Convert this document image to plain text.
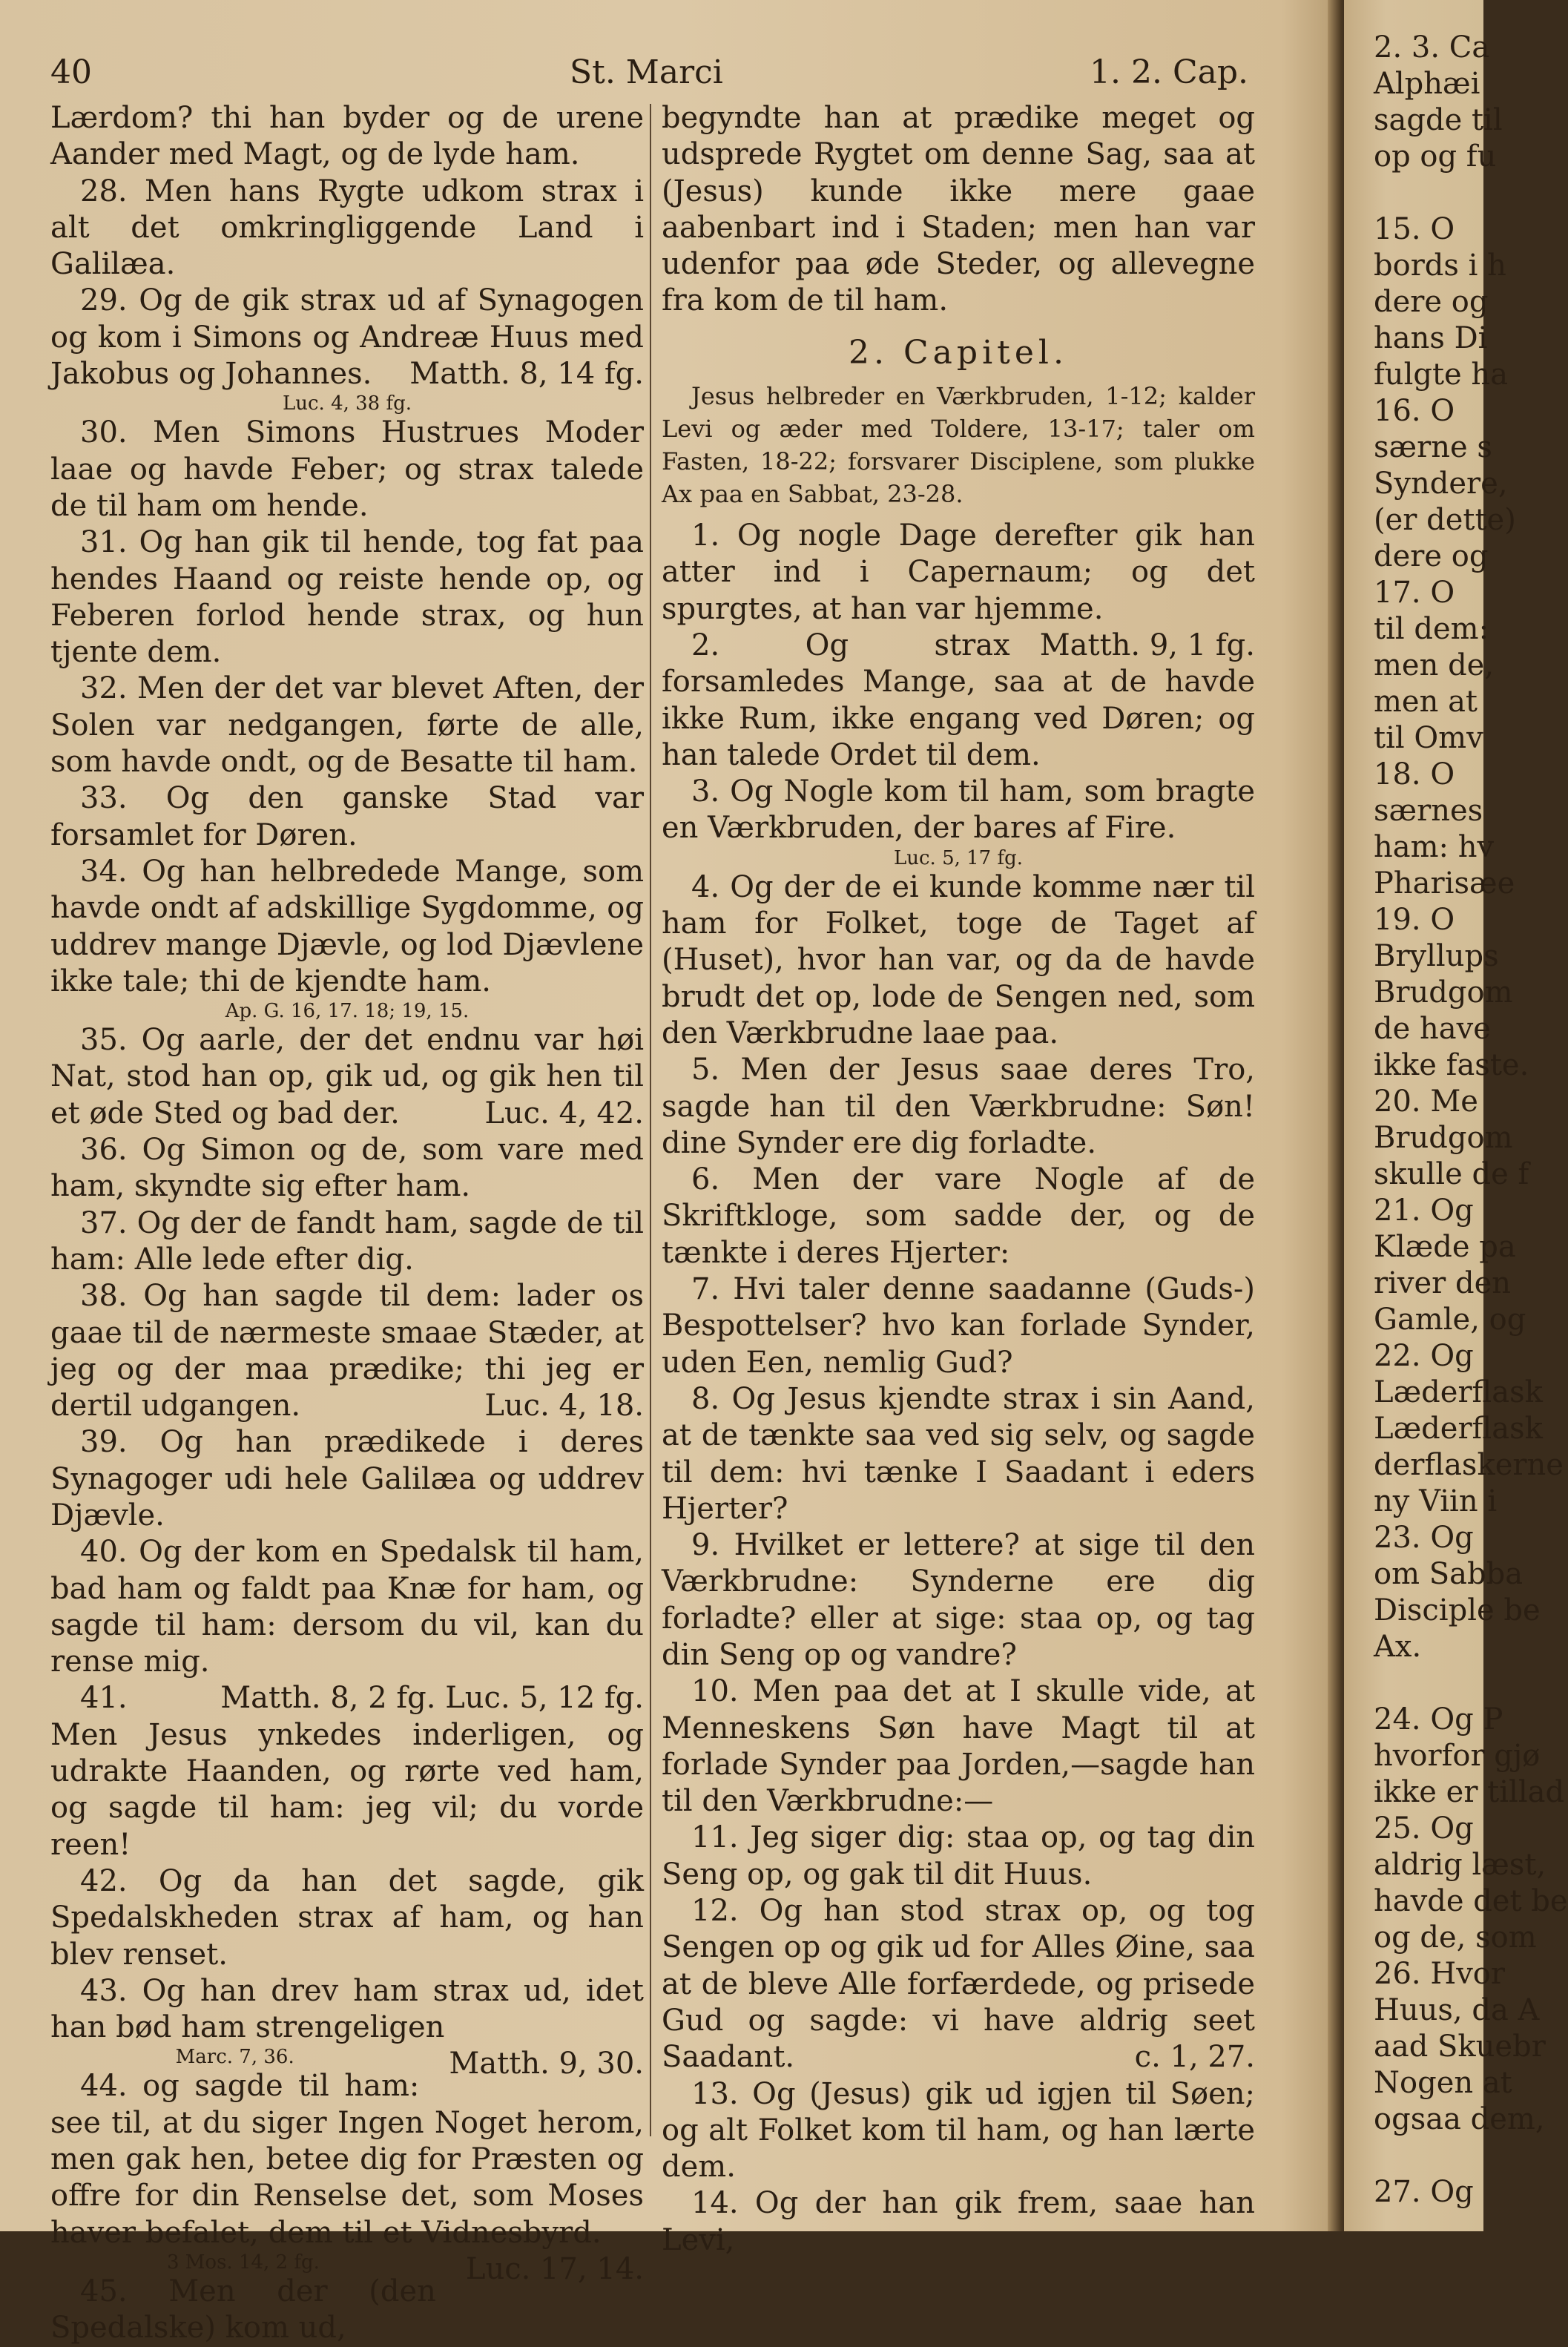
40	St. Marci	1. 2. Cap.

Lærdom? thi han byder og de urene Aander med Magt, og de lyde ham.

28. Men hans Rygte udkom strax i alt det omkringliggende Land i Galilæa.

29. Og de gik strax ud af Synagogen og kom i Simons og Andreæ Huus med Jakobus og Johannes.	Matth. 8, 14 fg.

Luc. 4, 38 fg.

30. Men Simons Hustrues Moder laae og havde Feber; og strax talede de til ham om hende.

31. Og han gik til hende, tog fat paa hendes Haand og reiste hende op, og Feberen forlod hende strax, og hun tjente dem.

32. Men der det var blevet Aften, der Solen var nedgangen, førte de alle, som havde ondt, og de Besatte til ham.

33. Og den ganske Stad var forsamlet for Døren.

34. Og han helbredede Mange, som havde ondt af adskillige Sygdomme, og uddrev mange Djævle, og lod Djævlene ikke tale; thi de kjendte ham.

Ap. G. 16, 17. 18; 19, 15.

35. Og aarle, der det endnu var høi Nat, stod han op, gik ud, og gik hen til et øde Sted og bad der.	Luc. 4, 42.

36. Og Simon og de, som vare med ham, skyndte sig efter ham.

37. Og der de fandt ham, sagde de til ham: Alle lede efter dig.

38. Og han sagde til dem: lader os gaae til de nærmeste smaae Stæder, at jeg og der maa prædike; thi jeg er dertil udgangen.	Luc. 4, 18.

39. Og han prædikede i deres Synagoger udi hele Galilæa og uddrev Djævle.

40. Og der kom en Spedalsk til ham, bad ham og faldt paa Knæ for ham, og sagde til ham: dersom du vil, kan du rense mig.
Matth. 8, 2 fg. Luc. 5, 12 fg.

41. Men Jesus ynkedes inderligen, og udrakte Haanden, og rørte ved ham, og sagde til ham: jeg vil; du vorde reen!

42. Og da han det sagde, gik Spedalskheden strax af ham, og han blev renset.

43. Og han drev ham strax ud, idet han bød ham strengeligen
Matth. 9, 30.

Marc. 7, 36.

44. og sagde til ham: see til, at du siger Ingen Noget herom, men gak hen, betee dig for Præsten og offre for din Renselse det, som Moses haver befalet, dem til et Vidnesbyrd.
Luc. 17, 14.

3 Mos. 14, 2 fg.

45. Men der (den Spedalske) kom ud,

begyndte han at prædike meget og udsprede Rygtet om denne Sag, saa at (Jesus) kunde ikke mere gaae aabenbart ind i Staden; men han var udenfor paa øde Steder, og allevegne fra kom de til ham.

2. Capitel.

Jesus helbreder en Værkbruden, 1-12; kalder Levi og æder med Toldere, 13-17; taler om Fasten, 18-22; forsvarer Disciplene, som plukke Ax paa en Sabbat, 23-28.

1. Og nogle Dage derefter gik han atter ind i Capernaum; og det spurgtes, at han var hjemme.
Matth. 9, 1 fg.

2. Og strax forsamledes Mange, saa at de havde ikke Rum, ikke engang ved Døren; og han talede Ordet til dem.

3. Og Nogle kom til ham, som bragte en Værkbruden, der bares af Fire.

Luc. 5, 17 fg.

4. Og der de ei kunde komme nær til ham for Folket, toge de Taget af (Huset), hvor han var, og da de havde brudt det op, lode de Sengen ned, som den Værkbrudne laae paa.

5. Men der Jesus saae deres Tro, sagde han til den Værkbrudne: Søn! dine Synder ere dig forladte.

6. Men der vare Nogle af de Skriftkloge, som sadde der, og de tænkte i deres Hjerter:

7. Hvi taler denne saadanne (Guds-) Bespottelser? hvo kan forlade Synder, uden Een, nemlig Gud?

8. Og Jesus kjendte strax i sin Aand, at de tænkte saa ved sig selv, og sagde til dem: hvi tænke I Saadant i eders Hjerter?

9. Hvilket er lettere? at sige til den Værkbrudne: Synderne ere dig forladte? eller at sige: staa op, og tag din Seng op og vandre?

10. Men paa det at I skulle vide, at Menneskens Søn have Magt til at forlade Synder paa Jorden,—sagde han til den Værkbrudne:—

11. Jeg siger dig: staa op, og tag din Seng op, og gak til dit Huus.

12. Og han stod strax op, og tog Sengen op og gik ud for Alles Øine, saa at de bleve Alle forfærdede, og prisede Gud og sagde: vi have aldrig seet Saadant.	c. 1, 27.

13. Og (Jesus) gik ud igjen til Søen; og alt Folket kom til ham, og han lærte dem.

14. Og der han gik frem, saae han Levi,

2. 3. Ca
Alphæi
sagde til
op og fu
15. O
bords i h
dere og
hans Di
fulgte ha
16. O
særne s
Syndere,
(er dette)
dere og
17. O
til dem:
men de,
men at
til Omv
18. O
særnes
ham: hv
Pharisæe
19. O
Bryllups
Brudgom
de have
ikke faste.
20. Me
Brudgom
skulle de f
21. Og
Klæde pa
river den
Gamle, og
22. Og
Læderflask
Læderflask
derflaskerne
ny Viin i
23. Og
om Sabba
Disciple be
Ax.
24. Og P
hvorfor gjø
ikke er tillad
25. Og
aldrig læst,
havde det be
og de, som
26. Hvor
Huus, da A
aad Skuebr
Nogen at
ogsaa dem,
27. Og
